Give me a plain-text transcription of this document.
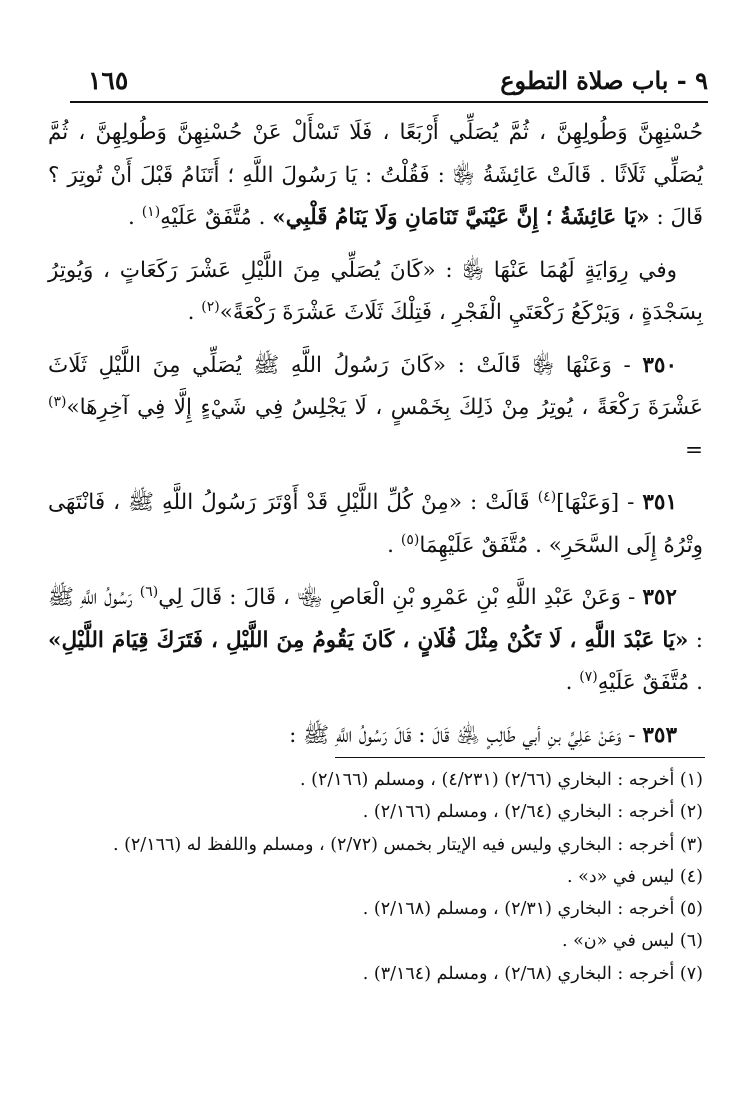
١٦٥	٩ - باب صلاة التطوع

حُسْنِهِنَّ وَطُولِهِنَّ ، ثُمَّ يُصَلِّي أَرْبَعًا ، فَلَا تَسْأَلْ عَنْ حُسْنِهِنَّ وَطُولِهِنَّ ، ثُمَّ يُصَلِّي ثَلَاثًا . قَالَتْ عَائِشَةُ ﵂ : فَقُلْتُ : يَا رَسُولَ اللَّهِ ؛ أَتَنَامُ قَبْلَ أَنْ تُوتِرَ ؟ قَالَ : «يَا عَائِشَةُ ؛ إِنَّ عَيْنَيَّ تَنَامَانِ وَلَا يَنَامُ قَلْبِي» . مُتَّفَقٌ عَلَيْهِ$^{(١)}$ .

وفي رِوَايَةٍ لَهُمَا عَنْهَا ﵂ : «كَانَ يُصَلِّي مِنَ اللَّيْلِ عَشْرَ رَكَعَاتٍ ، وَيُوتِرُ بِسَجْدَةٍ ، وَيَرْكَعُ رَكْعَتَيِ الْفَجْرِ ، فَتِلْكَ ثَلَاثَ عَشْرَةَ رَكْعَةً»$^{(٢)}$ .

٣٥٠ - وَعَنْهَا ﵂ قَالَتْ : «كَانَ رَسُولُ اللَّهِ ﷺ يُصَلِّي مِنَ اللَّيْلِ ثَلَاثَ عَشْرَةَ رَكْعَةً ، يُوتِرُ مِنْ ذَلِكَ بِخَمْسٍ ، لَا يَجْلِسُ فِي شَيْءٍ إِلَّا فِي آخِرِهَا»$^{(٣)}$ =

٣٥١ - [وَعَنْهَا]$^{(٤)}$ قَالَتْ : «مِنْ كُلِّ اللَّيْلِ قَدْ أَوْتَرَ رَسُولُ اللَّهِ ﷺ ، فَانْتَهَى وِتْرُهُ إِلَى السَّحَرِ» . مُتَّفَقٌ عَلَيْهِمَا$^{(٥)}$ .

٣٥٢ - وَعَنْ عَبْدِ اللَّهِ بْنِ عَمْرِو بْنِ الْعَاصِ ﵄ ، قَالَ : قَالَ لِي$^{(٦)}$ رَسُولُ اللَّهِ ﷺ : «يَا عَبْدَ اللَّهِ ، لَا تَكُنْ مِثْلَ فُلَانٍ ، كَانَ يَقُومُ مِنَ اللَّيْلِ ، فَتَرَكَ قِيَامَ اللَّيْلِ» . مُتَّفَقٌ عَلَيْهِ$^{(٧)}$ .

٣٥٣ - وَعَنْ عَلِيِّ بنِ أبي طَالِبٍ ﵁ قَالَ : قَالَ رَسُولُ اللَّهِ ﷺ :

(١) أخرجه : البخاري (٢/٦٦) (٤/٢٣١) ، ومسلم (٢/١٦٦) .

(٢) أخرجه : البخاري (٢/٦٤) ، ومسلم (٢/١٦٦) .

(٣) أخرجه : البخاري وليس فيه الإيتار بخمس (٢/٧٢) ، ومسلم واللفظ له (٢/١٦٦) .

(٤) ليس في «د» .

(٥) أخرجه : البخاري (٢/٣١) ، ومسلم (٢/١٦٨) .

(٦) ليس في «ن» .

(٧) أخرجه : البخاري (٢/٦٨) ، ومسلم (٣/١٦٤) .
